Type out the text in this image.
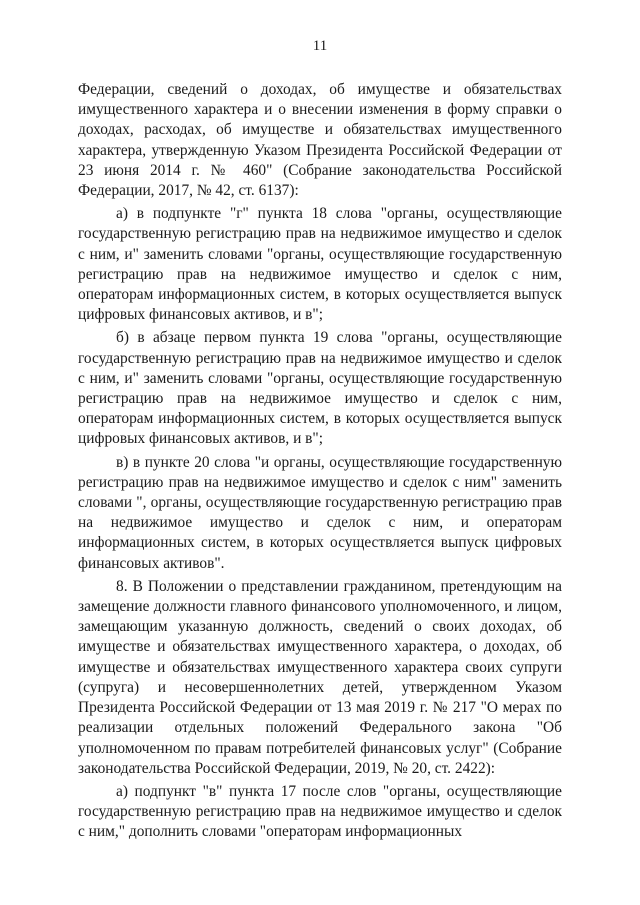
11

Федерации, сведений о доходах, об имуществе и обязательствах имущественного характера и о внесении изменения в форму справки о доходах, расходах, об имуществе и обязательствах имущественного характера, утвержденную Указом Президента Российской Федерации от 23 июня 2014 г. № 460" (Собрание законодательства Российской Федерации, 2017, № 42, ст. 6137):

а) в подпункте "г" пункта 18 слова "органы, осуществляющие государственную регистрацию прав на недвижимое имущество и сделок с ним, и" заменить словами "органы, осуществляющие государственную регистрацию прав на недвижимое имущество и сделок с ним, операторам информационных систем, в которых осуществляется выпуск цифровых финансовых активов, и в";

б) в абзаце первом пункта 19 слова "органы, осуществляющие государственную регистрацию прав на недвижимое имущество и сделок с ним, и" заменить словами "органы, осуществляющие государственную регистрацию прав на недвижимое имущество и сделок с ним, операторам информационных систем, в которых осуществляется выпуск цифровых финансовых активов, и в";

в) в пункте 20 слова "и органы, осуществляющие государственную регистрацию прав на недвижимое имущество и сделок с ним" заменить словами ", органы, осуществляющие государственную регистрацию прав на недвижимое имущество и сделок с ним, и операторам информационных систем, в которых осуществляется выпуск цифровых финансовых активов".

8. В Положении о представлении гражданином, претендующим на замещение должности главного финансового уполномоченного, и лицом, замещающим указанную должность, сведений о своих доходах, об имуществе и обязательствах имущественного характера, о доходах, об имуществе и обязательствах имущественного характера своих супруги (супруга) и несовершеннолетних детей, утвержденном Указом Президента Российской Федерации от 13 мая 2019 г. № 217 "О мерах по реализации отдельных положений Федерального закона "Об уполномоченном по правам потребителей финансовых услуг" (Собрание законодательства Российской Федерации, 2019, № 20, ст. 2422):

а) подпункт "в" пункта 17 после слов "органы, осуществляющие государственную регистрацию прав на недвижимое имущество и сделок с ним," дополнить словами "операторам информационных
